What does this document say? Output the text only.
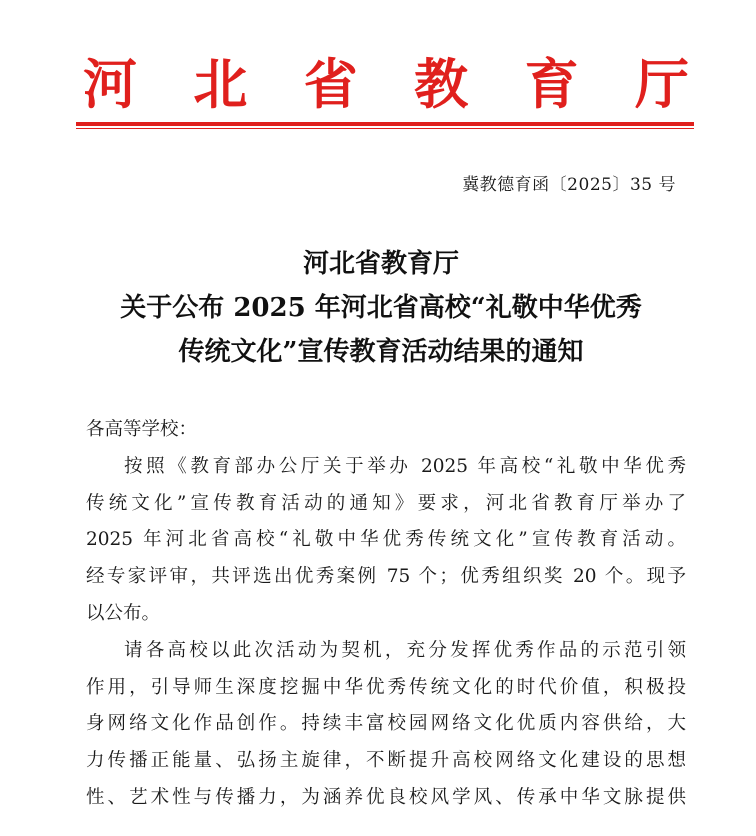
河 北 省 教 育 厅
冀教德育函〔2025〕35 号
河北省教育厅
关于公布 2025 年河北省高校“礼敬中华优秀
传统文化”宣传教育活动结果的通知
各高等学校：
按照《教育部办公厅关于举办 2025 年高校“礼敬中华优秀
传统文化”宣传教育活动的通知》要求，河北省教育厅举办了
2025 年河北省高校“礼敬中华优秀传统文化”宣传教育活动。
经专家评审，共评选出优秀案例 75 个；优秀组织奖 20 个。现予
以公布。
请各高校以此次活动为契机，充分发挥优秀作品的示范引领
作用，引导师生深度挖掘中华优秀传统文化的时代价值，积极投
身网络文化作品创作。持续丰富校园网络文化优质内容供给，大
力传播正能量、弘扬主旋律，不断提升高校网络文化建设的思想
性、艺术性与传播力，为涵养优良校风学风、传承中华文脉提供
